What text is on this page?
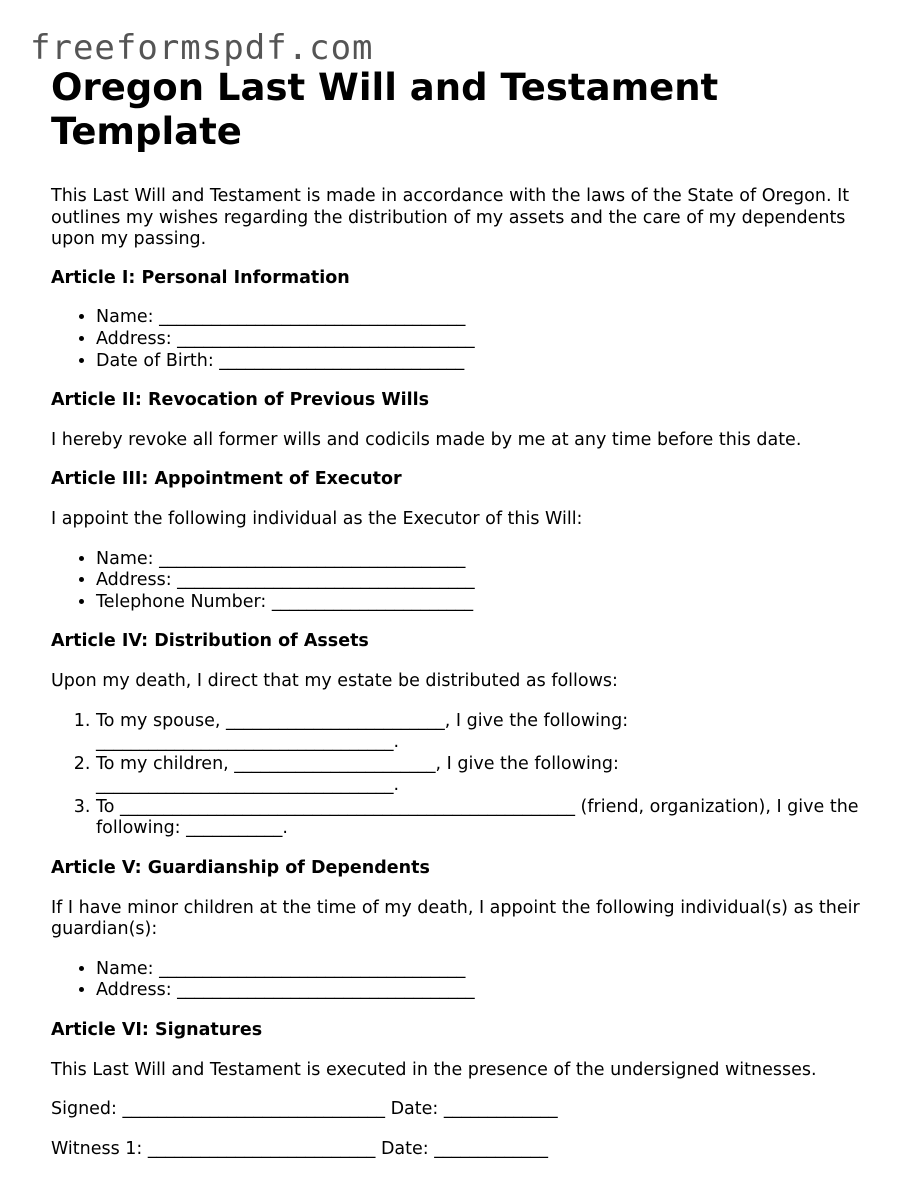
freeformspdf.com
Oregon Last Will and Testament Template

This Last Will and Testament is made in accordance with the laws of the State of Oregon. It outlines my wishes regarding the distribution of my assets and the care of my dependents upon my passing.

Article I: Personal Information
• Name: ___________________________________
• Address: __________________________________
• Date of Birth: ____________________________
Article II: Revocation of Previous Wills

I hereby revoke all former wills and codicils made by me at any time before this date.

Article III: Appointment of Executor

I appoint the following individual as the Executor of this Will:

• Name: ___________________________________
• Address: __________________________________
• Telephone Number: _______________________
Article IV: Distribution of Assets

Upon my death, I direct that my estate be distributed as follows:

1. To my spouse, _________________________, I give the following: __________________________________.
2. To my children, _______________________, I give the following: __________________________________.
3. To ____________________________________________________ (friend, organization), I give the following: ___________.
Article V: Guardianship of Dependents

If I have minor children at the time of my death, I appoint the following individual(s) as their guardian(s):

• Name: ___________________________________
• Address: __________________________________
Article VI: Signatures

This Last Will and Testament is executed in the presence of the undersigned witnesses.

Signed: ______________________________ Date: _____________

Witness 1: __________________________ Date: _____________
